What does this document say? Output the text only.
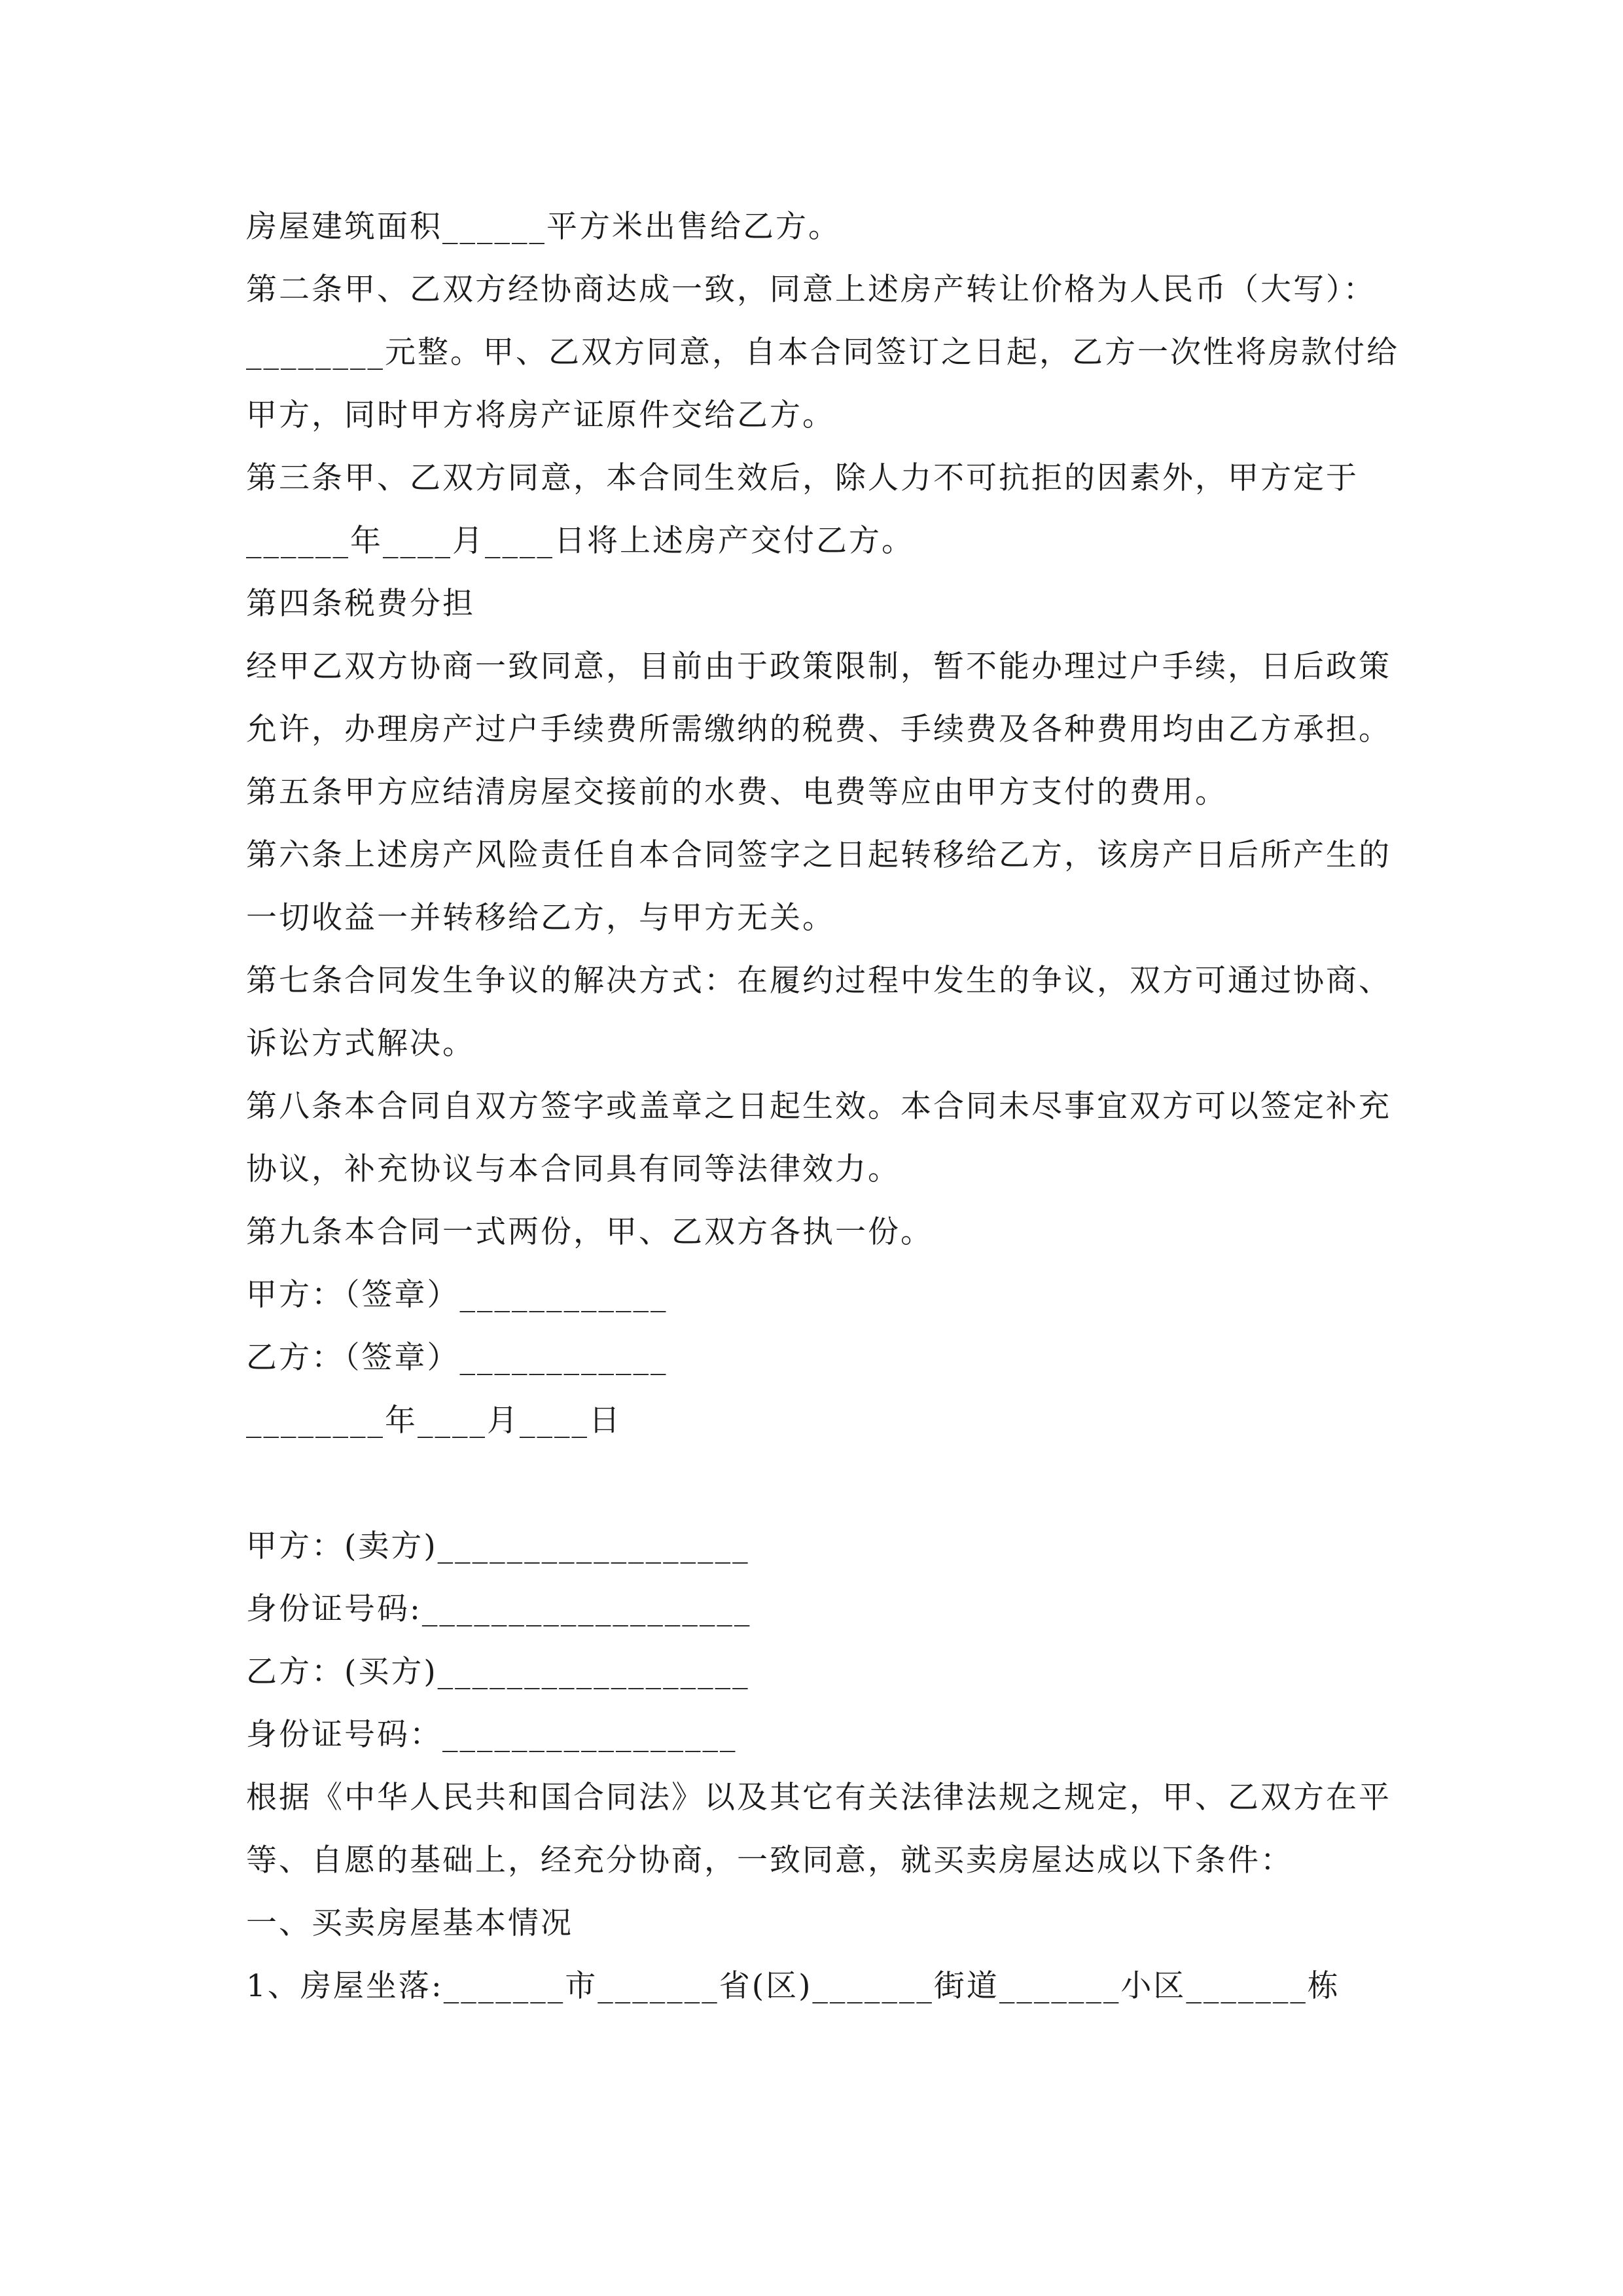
房屋建筑面积______平方米出售给乙方。
第二条甲、乙双方经协商达成一致，同意上述房产转让价格为人民币（大写）：
________元整。甲、乙双方同意，自本合同签订之日起，乙方一次性将房款付给
甲方，同时甲方将房产证原件交给乙方。
第三条甲、乙双方同意，本合同生效后，除人力不可抗拒的因素外，甲方定于
______年____月____日将上述房产交付乙方。
第四条税费分担
经甲乙双方协商一致同意，目前由于政策限制，暂不能办理过户手续，日后政策
允许，办理房产过户手续费所需缴纳的税费、手续费及各种费用均由乙方承担。
第五条甲方应结清房屋交接前的水费、电费等应由甲方支付的费用。
第六条上述房产风险责任自本合同签字之日起转移给乙方，该房产日后所产生的
一切收益一并转移给乙方，与甲方无关。
第七条合同发生争议的解决方式：在履约过程中发生的争议，双方可通过协商、
诉讼方式解决。
第八条本合同自双方签字或盖章之日起生效。本合同未尽事宜双方可以签定补充
协议，补充协议与本合同具有同等法律效力。
第九条本合同一式两份，甲、乙双方各执一份。
甲方：（签章）____________
乙方：（签章）____________
________年____月____日
甲方：(卖方)__________________
身份证号码:___________________
乙方：(买方)__________________
身份证号码：_________________
根据《中华人民共和国合同法》以及其它有关法律法规之规定，甲、乙双方在平
等、自愿的基础上，经充分协商，一致同意，就买卖房屋达成以下条件：
一、买卖房屋基本情况
1、房屋坐落:_______市_______省(区)_______街道_______小区_______栋
